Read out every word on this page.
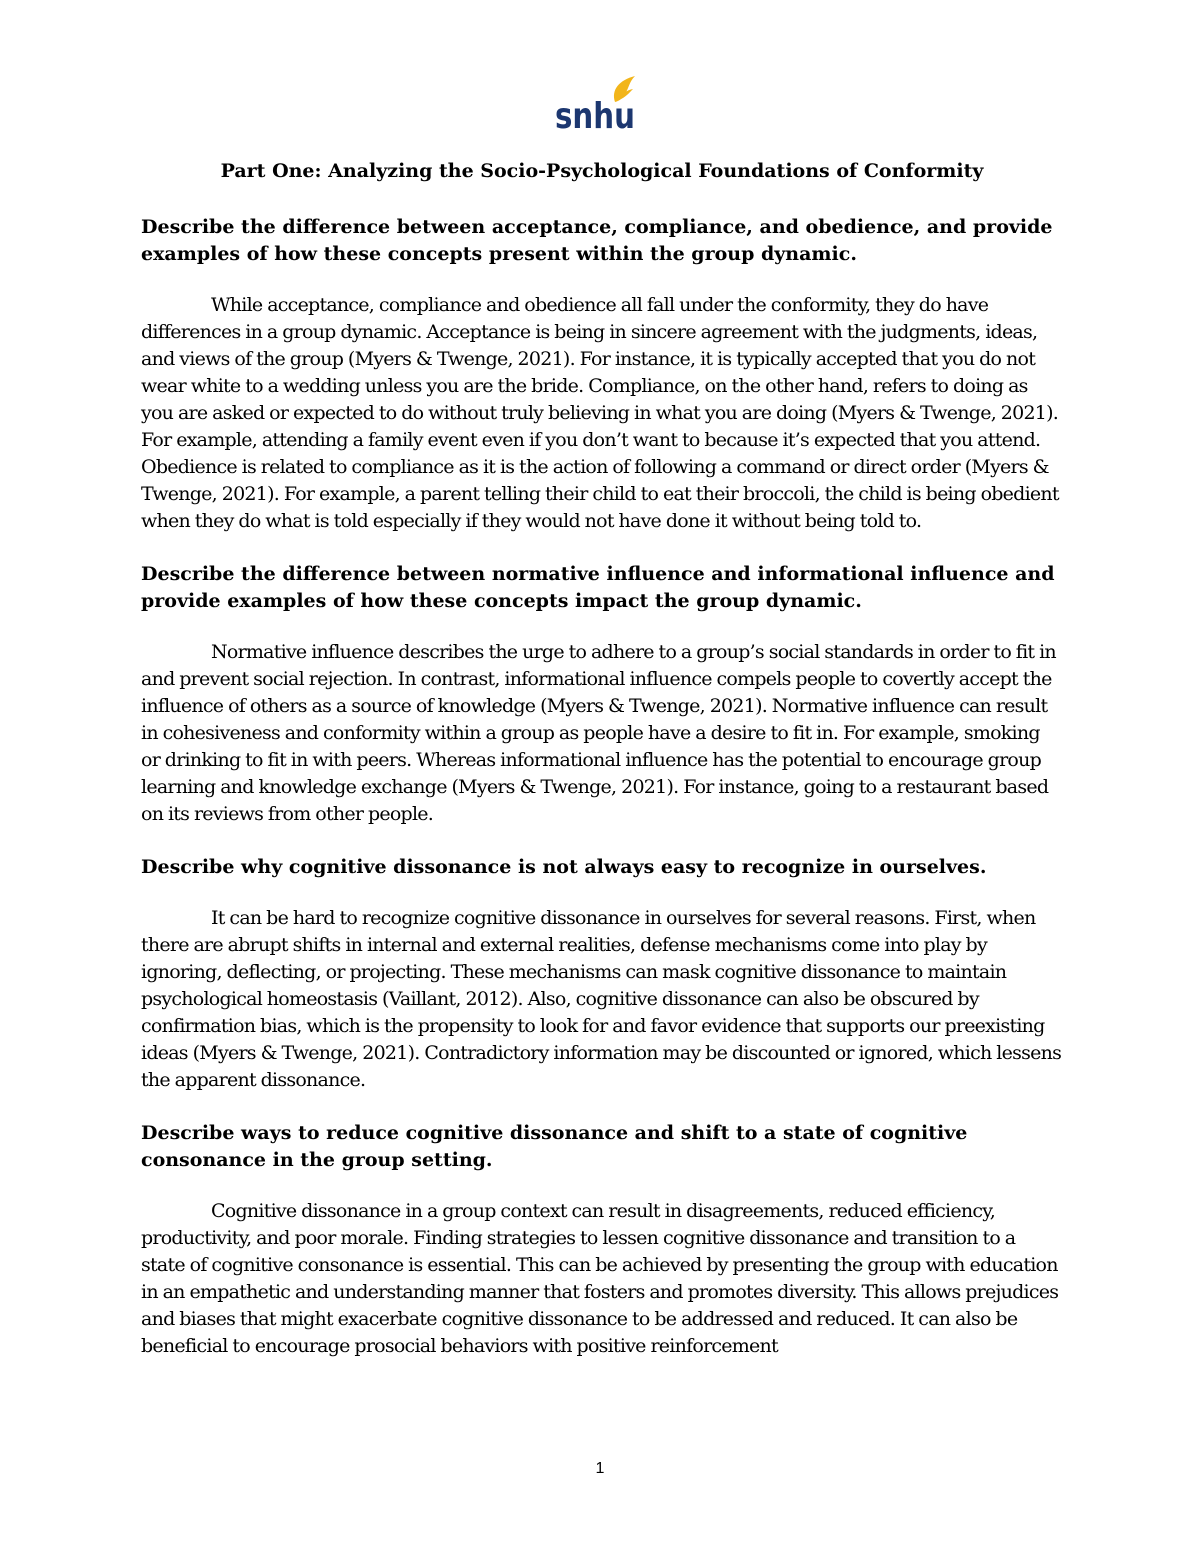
snhu
Part One: Analyzing the Socio-Psychological Foundations of Conformity
Describe the difference between acceptance, compliance, and obedience, and provide examples of how these concepts present within the group dynamic.
While acceptance, compliance and obedience all fall under the conformity, they do have differences in a group dynamic. Acceptance is being in sincere agreement with the judgments, ideas, and views of the group (Myers & Twenge, 2021). For instance, it is typically accepted that you do not wear white to a wedding unless you are the bride. Compliance, on the other hand, refers to doing as you are asked or expected to do without truly believing in what you are doing (Myers & Twenge, 2021). For example, attending a family event even if you don’t want to because it’s expected that you attend. Obedience is related to compliance as it is the action of following a command or direct order (Myers & Twenge, 2021). For example, a parent telling their child to eat their broccoli, the child is being obedient when they do what is told especially if they would not have done it without being told to.
Describe the difference between normative influence and informational influence and provide examples of how these concepts impact the group dynamic.
Normative influence describes the urge to adhere to a group’s social standards in order to fit in and prevent social rejection. In contrast, informational influence compels people to covertly accept the influence of others as a source of knowledge (Myers & Twenge, 2021). Normative influence can result in cohesiveness and conformity within a group as people have a desire to fit in. For example, smoking or drinking to fit in with peers. Whereas informational influence has the potential to encourage group learning and knowledge exchange (Myers & Twenge, 2021). For instance, going to a restaurant based on its reviews from other people.
Describe why cognitive dissonance is not always easy to recognize in ourselves.
It can be hard to recognize cognitive dissonance in ourselves for several reasons. First, when there are abrupt shifts in internal and external realities, defense mechanisms come into play by ignoring, deflecting, or projecting. These mechanisms can mask cognitive dissonance to maintain psychological homeostasis (Vaillant, 2012). Also, cognitive dissonance can also be obscured by confirmation bias, which is the propensity to look for and favor evidence that supports our preexisting ideas (Myers & Twenge, 2021). Contradictory information may be discounted or ignored, which lessens the apparent dissonance.
Describe ways to reduce cognitive dissonance and shift to a state of cognitive consonance in the group setting.
Cognitive dissonance in a group context can result in disagreements, reduced efficiency, productivity, and poor morale. Finding strategies to lessen cognitive dissonance and transition to a state of cognitive consonance is essential. This can be achieved by presenting the group with education in an empathetic and understanding manner that fosters and promotes diversity. This allows prejudices and biases that might exacerbate cognitive dissonance to be addressed and reduced. It can also be beneficial to encourage prosocial behaviors with positive reinforcement
1
